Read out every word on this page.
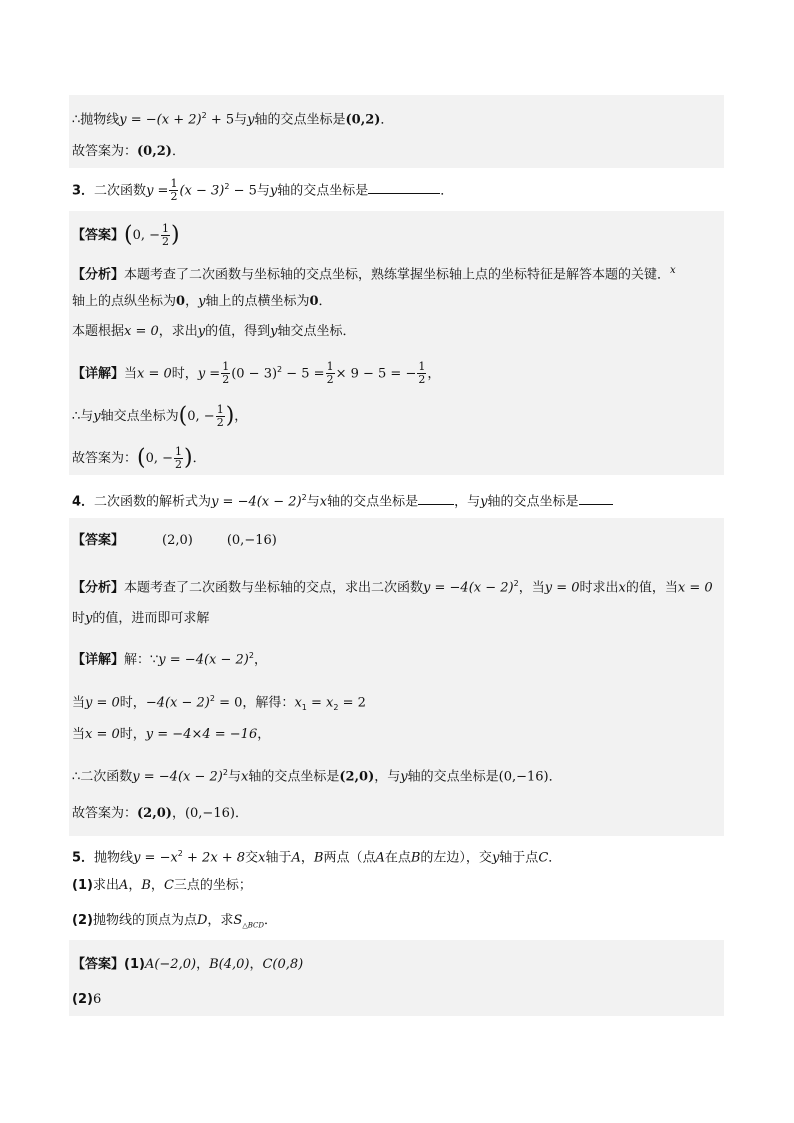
∴抛物线$y = -(x + 2)^2 + 5$与y轴的交点坐标是(0,2)．
故答案为：(0,2)．
3．二次函数$y = \frac{1}{2} (x - 3)^2 - 5$与y轴的交点坐标是	．
【答案】(0, − $\frac{1}{2}$ )
【分析】本题考查了二次函数与坐标轴的交点坐标，熟练掌握坐标轴上点的坐标特征是解答本题的关键．$^x$
轴上的点纵坐标为0，y轴上的点横坐标为0．
本题根据x = 0，求出y的值，得到y轴交点坐标．
【详解】当x = 0时，$y = \frac{1}{2} (0 - 3)^2 - 5 = \frac{1}{2} \times 9 - 5$ = − $\frac{1}{2}$ ，
∴与y轴交点坐标为(0, − $\frac{1}{2}$ )，
故答案为：(0, − $\frac{1}{2}$ )．
4．二次函数的解析式为$y = -4(x - 2)^2$与x轴的交点坐标是	，与y轴的交点坐标是
【答案】	(2,0)	(0,−16)
【分析】本题考查了二次函数与坐标轴的交点，求出二次函数$y = -4(x - 2)^2$，当y = 0时求出x的值，当x = 0
时y的值，进而即可求解
【详解】解：∵y = $-4(x - 2)^2$，
当y = 0时，$-4(x - 2)^2 = 0$，解得：$x_1 = x_2 = 2$
当x = 0时，y = −4×4 = −16，
∴二次函数$y = -4(x - 2)^2$与x轴的交点坐标是(2,0)，与y轴的交点坐标是(0,−16)．
故答案为：(2,0)，(0,−16)．
5．抛物线$y = -x^2 + 2x + 8$交x轴于A，B两点（点A在点B的左边），交y轴于点C．
(1)求出A，B，C三点的坐标；
(2)抛物线的顶点为点D，求$S_{\triangle BCD}$．
【答案】(1)A(−2,0)，B(4,0)，C(0,8)
(2)6
